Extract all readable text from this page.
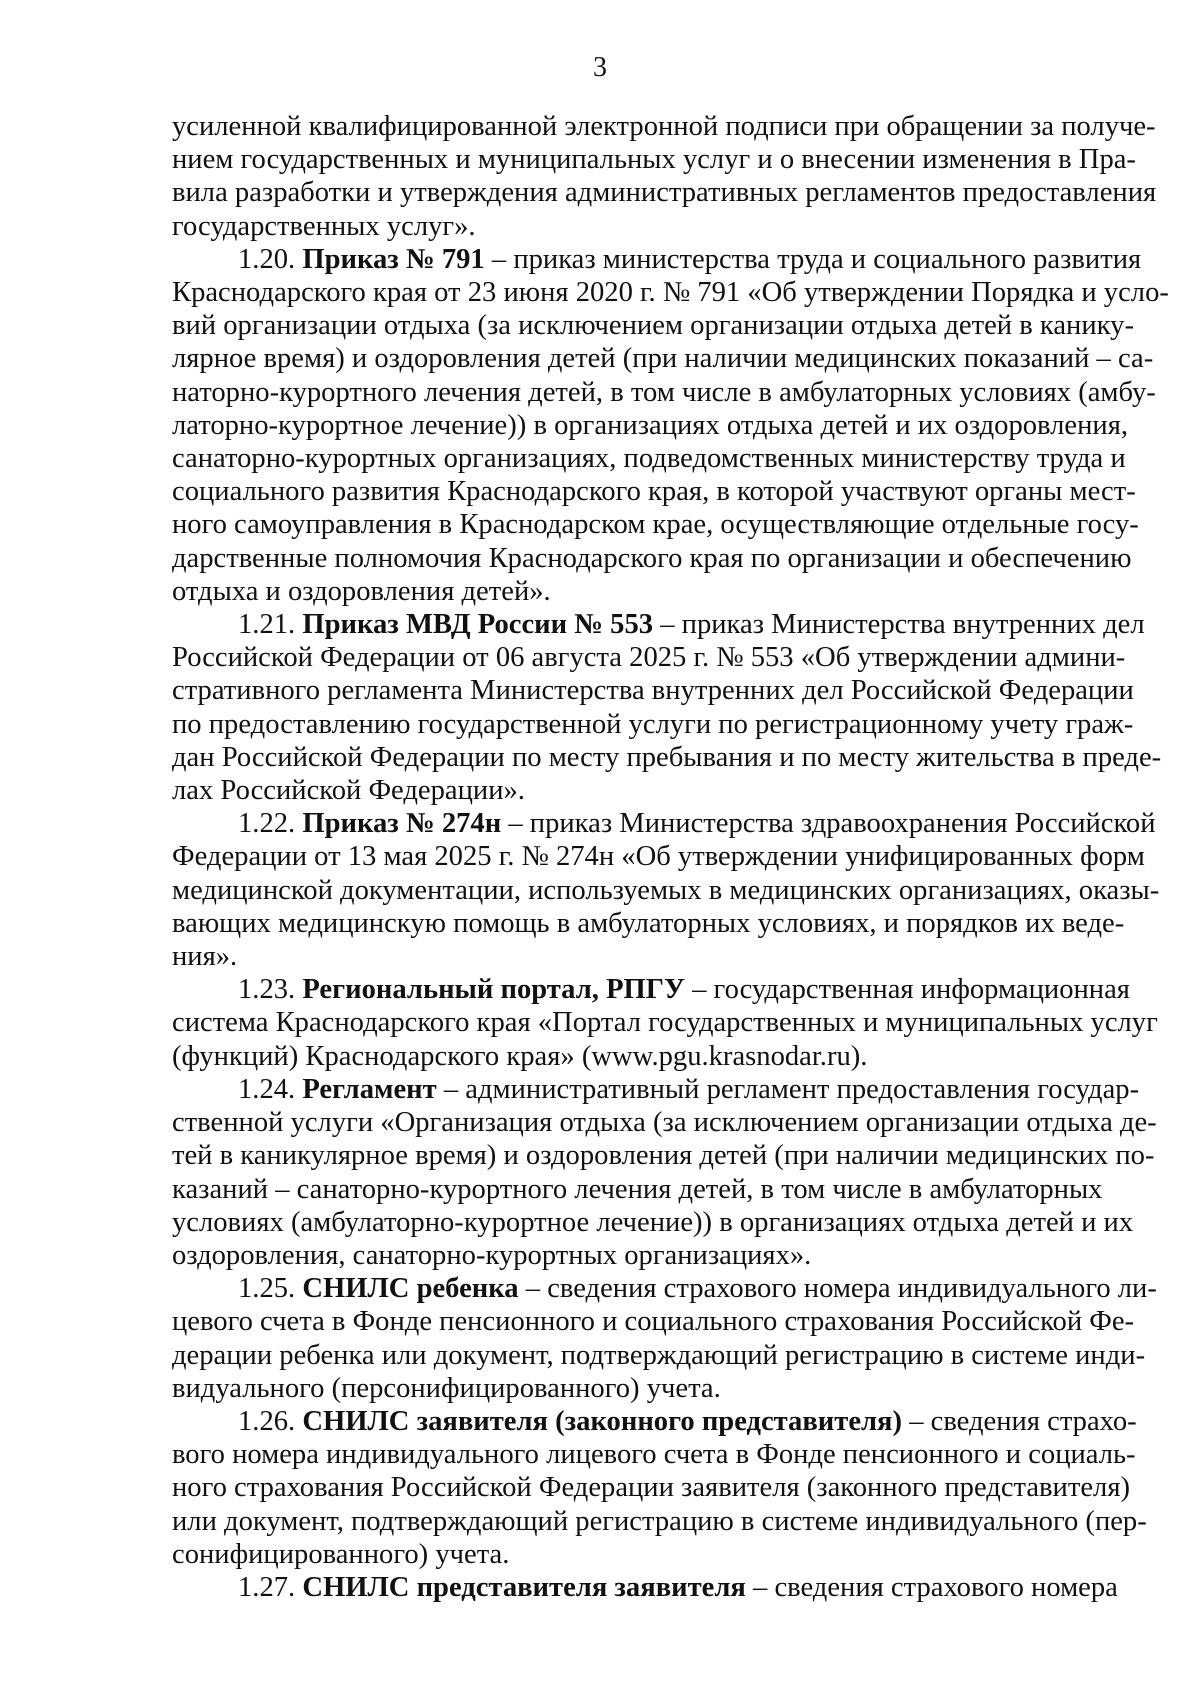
3
усиленной квалифицированной электронной подписи при обращении за получе-
нием государственных и муниципальных услуг и о внесении изменения в Пра-
вила разработки и утверждения административных регламентов предоставления
государственных услуг».
1.20. Приказ № 791 – приказ министерства труда и социального развития
Краснодарского края от 23 июня 2020 г. № 791 «Об утверждении Порядка и усло-
вий организации отдыха (за исключением организации отдыха детей в канику-
лярное время) и оздоровления детей (при наличии медицинских показаний – са-
наторно-курортного лечения детей, в том числе в амбулаторных условиях (амбу-
латорно-курортное лечение)) в организациях отдыха детей и их оздоровления,
санаторно-курортных организациях, подведомственных министерству труда и
социального развития Краснодарского края, в которой участвуют органы мест-
ного самоуправления в Краснодарском крае, осуществляющие отдельные госу-
дарственные полномочия Краснодарского края по организации и обеспечению
отдыха и оздоровления детей».
1.21. Приказ МВД России № 553 – приказ Министерства внутренних дел
Российской Федерации от 06 августа 2025 г. № 553 «Об утверждении админи-
стративного регламента Министерства внутренних дел Российской Федерации
по предоставлению государственной услуги по регистрационному учету граж-
дан Российской Федерации по месту пребывания и по месту жительства в преде-
лах Российской Федерации».
1.22. Приказ № 274н – приказ Министерства здравоохранения Российской
Федерации от 13 мая 2025 г. № 274н «Об утверждении унифицированных форм
медицинской документации, используемых в медицинских организациях, оказы-
вающих медицинскую помощь в амбулаторных условиях, и порядков их веде-
ния».
1.23. Региональный портал, РПГУ – государственная информационная
система Краснодарского края «Портал государственных и муниципальных услуг
(функций) Краснодарского края» (www.pgu.krasnodar.ru).
1.24. Регламент – административный регламент предоставления государ-
ственной услуги «Организация отдыха (за исключением организации отдыха де-
тей в каникулярное время) и оздоровления детей (при наличии медицинских по-
казаний – санаторно-курортного лечения детей, в том числе в амбулаторных
условиях (амбулаторно-курортное лечение)) в организациях отдыха детей и их
оздоровления, санаторно-курортных организациях».
1.25. СНИЛС ребенка – сведения страхового номера индивидуального ли-
цевого счета в Фонде пенсионного и социального страхования Российской Фе-
дерации ребенка или документ, подтверждающий регистрацию в системе инди-
видуального (персонифицированного) учета.
1.26. СНИЛС заявителя (законного представителя) – сведения страхо-
вого номера индивидуального лицевого счета в Фонде пенсионного и социаль-
ного страхования Российской Федерации заявителя (законного представителя)
или документ, подтверждающий регистрацию в системе индивидуального (пер-
сонифицированного) учета.
1.27. СНИЛС представителя заявителя – сведения страхового номера
